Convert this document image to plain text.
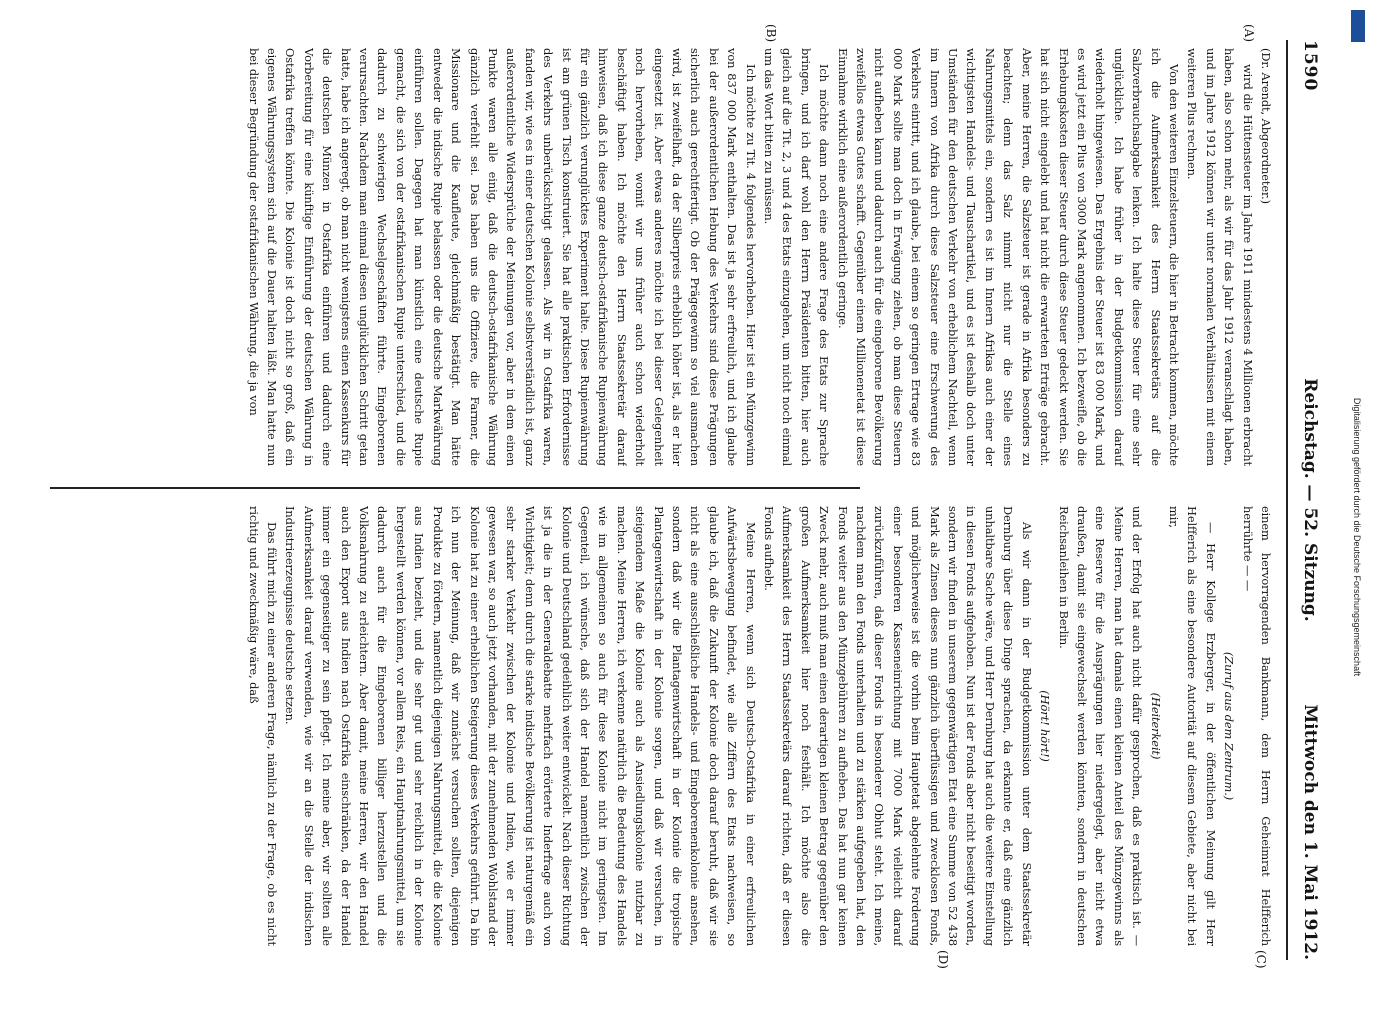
1590
Reichstag. — 52. Sitzung.
Mittwoch den 1. Mai 1912.
(A)
(B)
(C)
(D)

(Dr. Arendt, Abgeordneter.)

wird die Hüttensteuer im Jahre 1911 mindestens 4 Millionen erbracht haben, also schon mehr, als wir für das Jahr 1912 veranschlagt haben, und im Jahre 1912 können wir unter normalen Verhältnissen mit einem weiteren Plus rechnen.

Von den weiteren Einzelsteuern, die hier in Betracht kommen, möchte ich die Aufmerksamkeit des Herrn Staatssekretärs auf die Salzverbrauchsabgabe lenken. Ich halte diese Steuer für eine sehr unglückliche. Ich habe früher in der Budgetkommission darauf wiederholt hingewiesen. Das Ergebnis der Steuer ist 83 000 Mark, und es wird jetzt ein Plus von 3000 Mark angenommen. Ich bezweifle, ob die Erhebungskosten dieser Steuer durch diese Steuer gedeckt werden. Sie hat sich nicht eingelebt und hat nicht die erwarteten Erträge gebracht. Aber, meine Herren, die Salzsteuer ist gerade in Afrika besonders zu beachten; denn das Salz nimmt nicht nur die Stelle eines Nahrungsmittels ein, sondern es ist im Innern Afrikas auch einer der wichtigsten Handels- und Tauschartikel, und es ist deshalb doch unter Umständen für den deutschen Verkehr von erheblichem Nachteil, wenn im Innern von Afrika durch diese Salzsteuer eine Erschwerung des Verkehrs eintritt, und ich glaube, bei einem so geringen Ertrage wie 83 000 Mark sollte man doch in Erwägung ziehen, ob man diese Steuern nicht aufheben kann und dadurch auch für die eingeborene Bevölkerung zweifellos etwas Gutes schafft. Gegenüber einem Millionenetat ist diese Einnahme wirklich eine außerordentlich geringe.

Ich möchte dann noch eine andere Frage des Etats zur Sprache bringen, und ich darf wohl den Herrn Präsidenten bitten, hier auch gleich auf die Tit. 2, 3 und 4 des Etats einzugehen, um nicht noch einmal um das Wort bitten zu müssen.

Ich möchte zu Tit. 4 folgendes hervorheben. Hier ist ein Münzgewinn von 837 000 Mark enthalten. Das ist ja sehr erfreulich, und ich glaube bei der außerordentlichen Hebung des Verkehrs sind diese Prägungen sicherlich auch gerechtfertigt. Ob der Prägegewinn so viel ausmachen wird, ist zweifelhaft, da der Silberpreis erheblich höher ist, als er hier eingesetzt ist. Aber etwas anderes möchte ich bei dieser Gelegenheit noch hervorheben, womit wir uns früher auch schon wiederholt beschäftigt haben. Ich möchte den Herrn Staatssekretär darauf hinweisen, daß ich diese ganze deutsch-ostafrikanische Rupienwährung für ein gänzlich verunglücktes Experiment halte. Diese Rupienwährung ist am grünen Tisch konstruiert. Sie hat alle praktischen Erfordernisse des Verkehrs unberücksichtigt gelassen. Als wir in Ostafrika waren, fanden wir, wie es in einer deutschen Kolonie selbstverständlich ist, ganz außerordentliche Widersprüche der Meinungen vor, aber in dem einen Punkte waren alle einig, daß die deutsch-ostafrikanische Währung gänzlich verfehlt sei. Das haben uns die Offiziere, die Farmer, die Missionare und die Kaufleute, gleichmäßig bestätigt. Man hätte entweder die indische Rupie belassen oder die deutsche Markwährung einführen sollen. Dagegen hat man künstlich eine deutsche Rupie gemacht, die sich von der ostafrikanischen Rupie unterschied, und die dadurch zu schwierigen Wechselgeschäften führte. Eingeborenen verursachten. Nachdem man einmal diesen unglücklichen Schritt getan hatte, habe ich angeregt, ob man nicht wenigstens einen Kassenkurs für die deutschen Münzen in Ostafrika einführen und dadurch eine Vorbereitung für eine künftige Einführung der deutschen Währung in Ostafrika treffen könnte. Die Kolonie ist doch nicht so groß, daß ein eigenes Währungssystem sich auf die Dauer halten läßt. Man hatte nun bei dieser Begründung der ostafrikanischen Währung, die ja von

einem hervorragenden Bankmann, dem Herrn Geheimrat Helfferich herrührte — —

(Zuruf aus dem Zentrum.)

— Herr Kollege Erzberger, in der öffentlichen Meinung gilt Herr Helfferich als eine besondere Autorität auf diesem Gebiete, aber nicht bei mir,

(Heiterkeit)

und der Erfolg hat auch nicht dafür gesprochen, daß es praktisch ist. — Meine Herren, man hat damals einen kleinen Anteil des Münzgewinns als eine Reserve für die Ausprägungen hier niedergelegt, aber nicht etwa draußen, damit sie eingewechselt werden könnten, sondern in deutschen Reichsanleihen in Berlin.

(Hört! hört!)

Als wir dann in der Budgetkommission unter dem Staatssekretär Dernburg über diese Dinge sprachen, da erkannte er, daß eine gänzlich unhaltbare Sache wäre, und Herr Dernburg hat auch die weitere Einstellung in diesen Fonds aufgehoben. Nun ist der Fonds aber nicht beseitigt worden, sondern wir finden in unserem gegenwärtigen Etat eine Summe von 52 438 Mark als Zinsen dieses nun gänzlich überflüssigen und zwecklosen Fonds, und möglicherweise ist die vorhin beim Hauptetat abgelehnte Forderung einer besonderen Kasseneinrichtung mit 7000 Mark vielleicht darauf zurückzuführen, daß dieser Fonds in besonderer Obhut steht. Ich meine, nachdem man den Fonds unterhalten und zu stärken aufgegeben hat, den Fonds weiter aus den Münzgebühren zu aufheben. Das hat nun gar keinen Zweck mehr, auch muß man einen derartigen kleinen Betrag gegenüber den großen Aufmerksamkeit hier noch festhält. Ich möchte also die Aufmerksamkeit des Herrn Staatssekretärs darauf richten, daß er diesen Fonds aufhebt.

Meine Herren, wenn sich Deutsch-Ostafrika in einer erfreulichen Aufwärtsbewegung befindet, wie alle Ziffern des Etats nachweisen, so glaube ich, daß die Zukunft der Kolonie doch darauf beruht, daß wir sie nicht als eine ausschließliche Handels- und Eingeborenenkolonie ansehen, sondern daß wir die Plantagenwirtschaft in der Kolonie die tropische Plantagenwirtschaft in der Kolonie sorgen, und daß wir versuchen, in steigendem Maße die Kolonie auch als Ansiedlungskolonie nutzbar zu machen. Meine Herren, ich verkenne natürlich die Bedeutung des Handels wie im allgemeinen so auch für diese Kolonie nicht im geringsten. Im Gegenteil, ich wünsche, daß sich der Handel namentlich zwischen der Kolonie und Deutschland gedeihlich weiter entwickelt. Nach dieser Richtung ist ja die in der Generaldebatte mehrfach erörterte Inderfrage auch von Wichtigkeit; denn durch die starke indische Bevölkerung ist naturgemäß ein sehr starker Verkehr zwischen der Kolonie und Indien, wie er immer gewesen war, so auch jetzt vorhanden, mit der zunehmenden Wohlstand der Kolonie hat zu einer erheblichen Steigerung dieses Verkehrs geführt. Da bin ich nun der Meinung, daß wir zunächst versuchen sollten, diejenigen Produkte zu fördern, namentlich diejenigen Nahrungsmittel, die die Kolonie aus Indien bezieht, und die sehr gut und sehr reichlich in der Kolonie hergestellt werden können, vor allem Reis, ein Hauptnahrungsmittel, um sie dadurch auch für die Eingeborenen billiger herzustellen und die Volksnahrung zu erleichtern. Aber damit, meine Herren, wir den Handel auch den Export aus Indien nach Ostafrika einschränken, da der Handel immer ein gegenseitiger zu sein pflegt. Ich meine aber, wir sollten alle Aufmerksamkeit darauf verwenden, wie wir an die Stelle der indischen Industrieerzeugnisse deutsche setzen.

Das führt mich zu einer anderen Frage, nämlich zu der Frage, ob es nicht richtig und zweckmäßig wäre, daß	Digitalisierung gefördert durch die Deutsche Forschungsgemeinschaft
